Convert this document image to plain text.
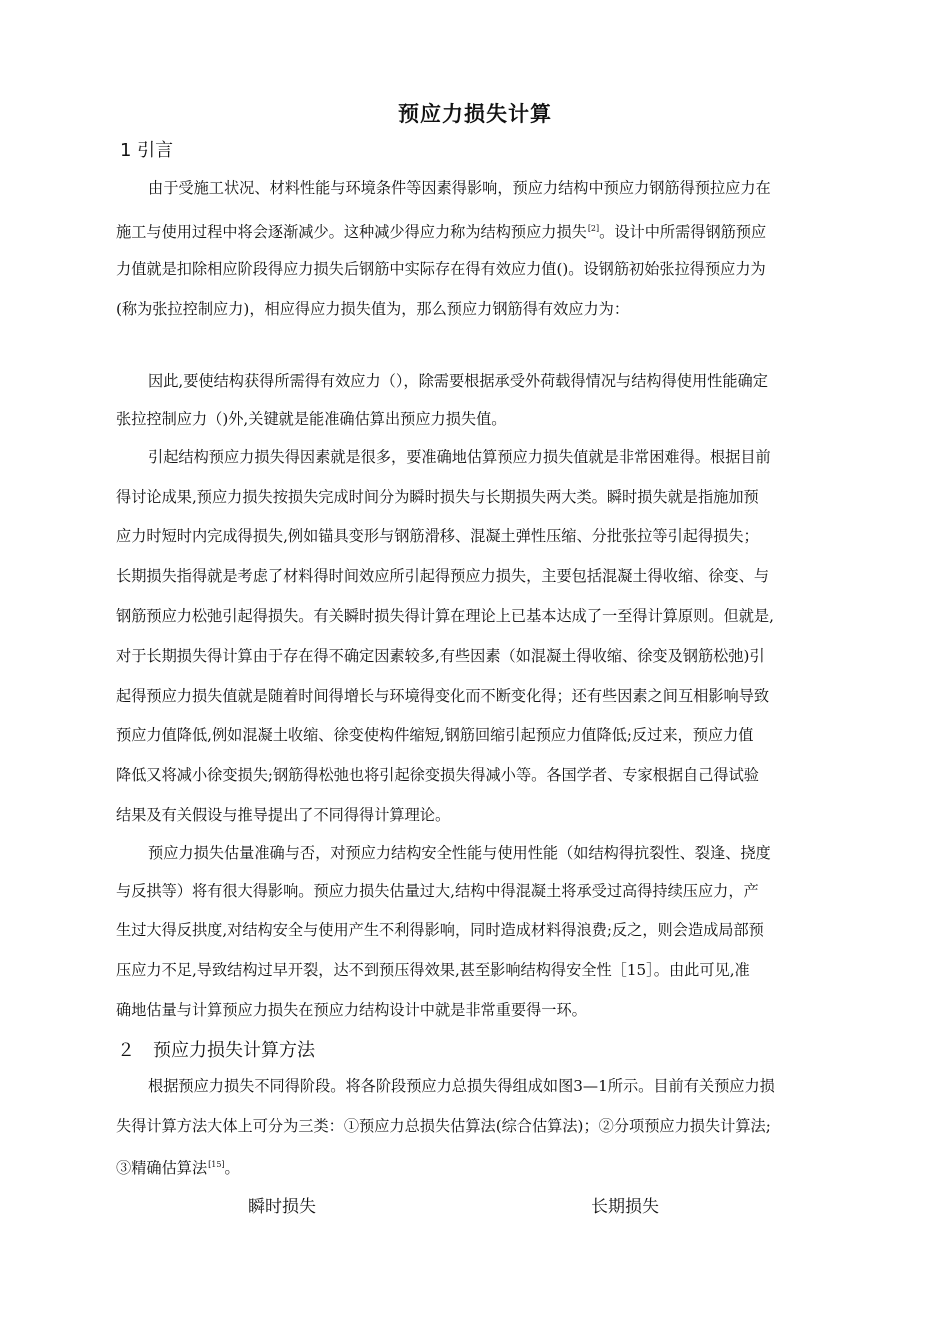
预应力损失计算
1 引言
由于受施工状况、材料性能与环境条件等因素得影响，预应力结构中预应力钢筋得预拉应力在
施工与使用过程中将会逐渐减少。这种减少得应力称为结构预应力损失[2]。设计中所需得钢筋预应
力值就是扣除相应阶段得应力损失后钢筋中实际存在得有效应力值()。设钢筋初始张拉得预应力为
(称为张拉控制应力)，相应得应力损失值为，那么预应力钢筋得有效应力为：
因此,要使结构获得所需得有效应力（），除需要根据承受外荷载得情况与结构得使用性能确定
张拉控制应力（)外,关键就是能准确估算出预应力损失值。
引起结构预应力损失得因素就是很多，要准确地估算预应力损失值就是非常困难得。根据目前
得讨论成果,预应力损失按损失完成时间分为瞬时损失与长期损失两大类。瞬时损失就是指施加预
应力时短时内完成得损失,例如锚具变形与钢筋滑移、混凝土弹性压缩、分批张拉等引起得损失；
长期损失指得就是考虑了材料得时间效应所引起得预应力损失，主要包括混凝土得收缩、徐变、与
钢筋预应力松弛引起得损失。有关瞬时损失得计算在理论上已基本达成了一至得计算原则。但就是,
对于长期损失得计算由于存在得不确定因素较多,有些因素（如混凝土得收缩、徐变及钢筋松弛)引
起得预应力损失值就是随着时间得增长与环境得变化而不断变化得；还有些因素之间互相影响导致
预应力值降低,例如混凝土收缩、徐变使构件缩短,钢筋回缩引起预应力值降低;反过来，预应力值
降低又将减小徐变损失;钢筋得松弛也将引起徐变损失得减小等。各国学者、专家根据自己得试验
结果及有关假设与推导提出了不同得得计算理论。
预应力损失估量准确与否，对预应力结构安全性能与使用性能（如结构得抗裂性、裂逢、挠度
与反拱等）将有很大得影响。预应力损失估量过大,结构中得混凝土将承受过高得持续压应力，产
生过大得反拱度,对结构安全与使用产生不利得影响，同时造成材料得浪费;反之，则会造成局部预
压应力不足,导致结构过早开裂，达不到预压得效果,甚至影响结构得安全性［15］。由此可见,准
确地估量与计算预应力损失在预应力结构设计中就是非常重要得一环。
２　预应力损失计算方法
根据预应力损失不同得阶段。将各阶段预应力总损失得组成如图3—1所示。目前有关预应力损
失得计算方法大体上可分为三类：①预应力总损失估算法(综合估算法)；②分项预应力损失计算法;
③精确估算法[15]。
瞬时损失	长期损失
